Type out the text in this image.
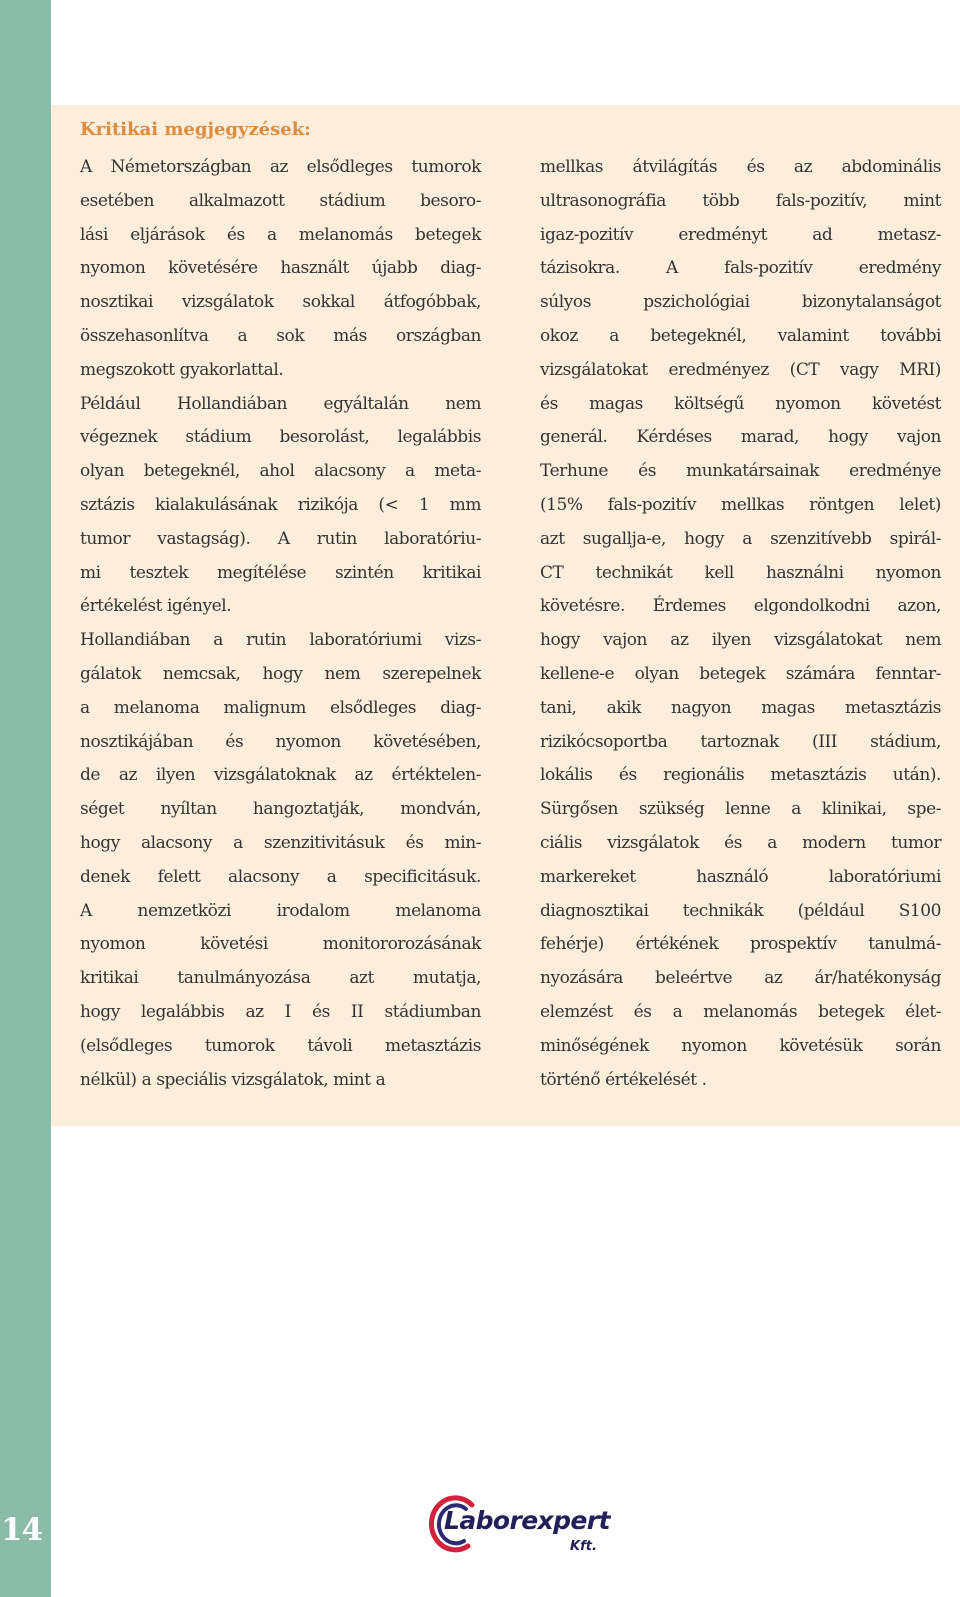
14
Kritikai megjegyzések:
A Németországban az elsődleges tumorok
esetében alkalmazott stádium besoro-
lási eljárások és a melanomás betegek
nyomon követésére használt újabb diag-
nosztikai vizsgálatok sokkal átfogóbbak,
összehasonlítva a sok más országban
megszokott gyakorlattal.
Például Hollandiában egyáltalán nem
végeznek stádium besorolást, legalábbis
olyan betegeknél, ahol alacsony a meta-
sztázis kialakulásának rizikója (< 1 mm
tumor vastagság). A rutin laboratóriu-
mi tesztek megítélése szintén kritikai
értékelést igényel.
Hollandiában a rutin laboratóriumi vizs-
gálatok nemcsak, hogy nem szerepelnek
a melanoma malignum elsődleges diag-
nosztikájában és nyomon követésében,
de az ilyen vizsgálatoknak az értéktelen-
séget nyíltan hangoztatják, mondván,
hogy alacsony a szenzitivitásuk és min-
denek felett alacsony a specificitásuk.
A nemzetközi irodalom melanoma
nyomon követési monitororozásának
kritikai tanulmányozása azt mutatja,
hogy legalábbis az I és II stádiumban
(elsődleges tumorok távoli metasztázis
nélkül) a speciális vizsgálatok, mint a
mellkas átvilágítás és az abdominális
ultrasonográfia több fals-pozitív, mint
igaz-pozitív eredményt ad metasz-
tázisokra. A fals-pozitív eredmény
súlyos pszichológiai bizonytalanságot
okoz a betegeknél, valamint további
vizsgálatokat eredményez (CT vagy MRI)
és magas költségű nyomon követést
generál. Kérdéses marad, hogy vajon
Terhune és munkatársainak eredménye
(15% fals-pozitív mellkas röntgen lelet)
azt sugallja-e, hogy a szenzitívebb spirál-
CT technikát kell használni nyomon
követésre. Érdemes elgondolkodni azon,
hogy vajon az ilyen vizsgálatokat nem
kellene-e olyan betegek számára fenntar-
tani, akik nagyon magas metasztázis
rizikócsoportba tartoznak (III stádium,
lokális és regionális metasztázis után).
Sürgősen szükség lenne a klinikai, spe-
ciális vizsgálatok és a modern tumor
markereket használó laboratóriumi
diagnosztikai technikák (például S100
fehérje) értékének prospektív tanulmá-
nyozására beleértve az ár/hatékonyság
elemzést és a melanomás betegek élet-
minőségének nyomon követésük során
történő értékelését .
Laborexpert
Kft.
